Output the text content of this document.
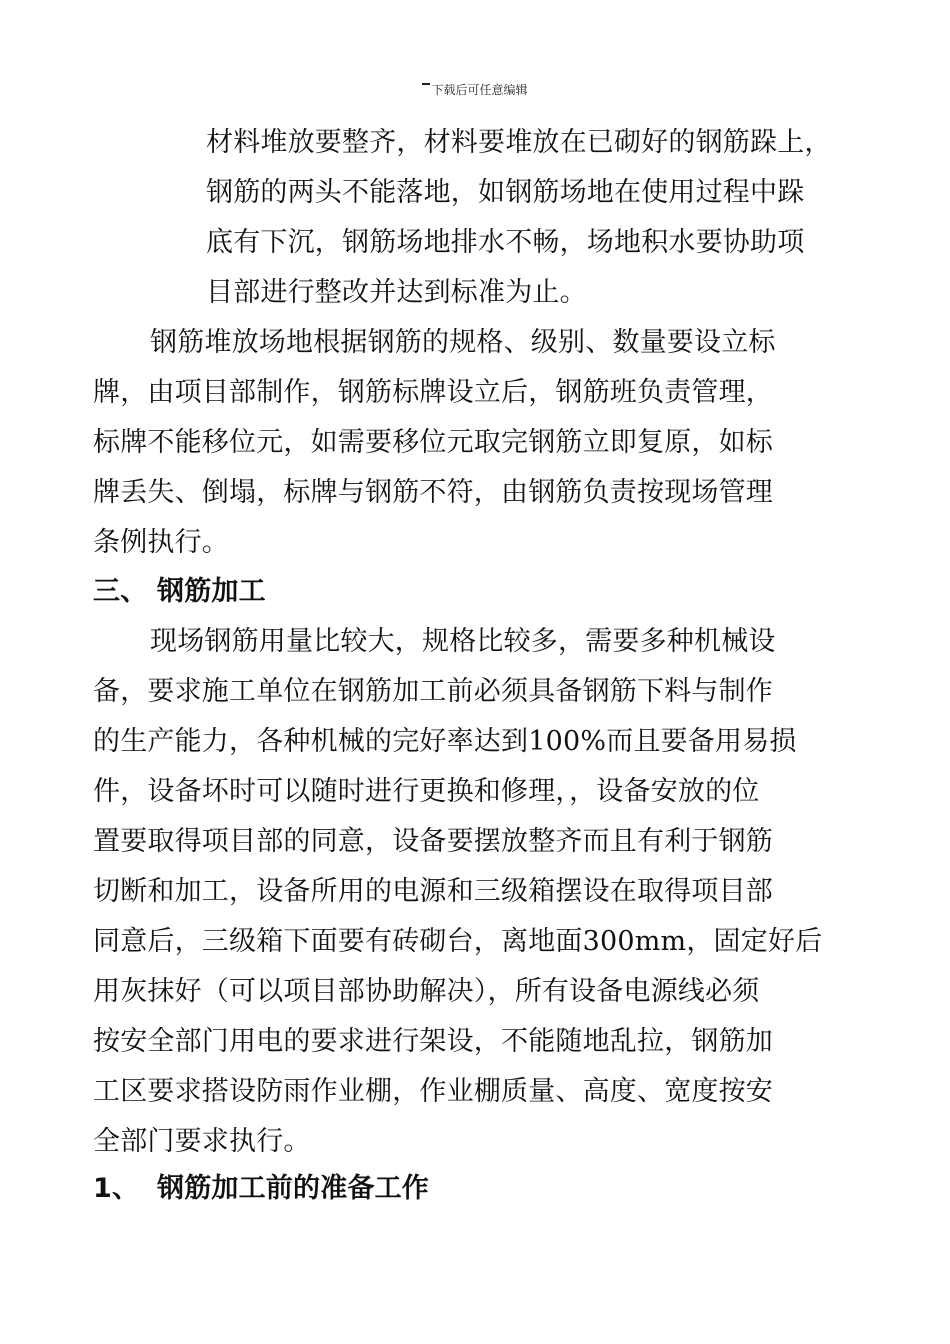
下载后可任意编辑
材料堆放要整齐，材料要堆放在已砌好的钢筋跺上，
钢筋的两头不能落地，如钢筋场地在使用过程中跺
底有下沉，钢筋场地排水不畅，场地积水要协助项
目部进行整改并达到标准为止。
钢筋堆放场地根据钢筋的规格、级别、数量要设立标
牌，由项目部制作，钢筋标牌设立后，钢筋班负责管理，
标牌不能移位元，如需要移位元取完钢筋立即复原，如标
牌丢失、倒塌，标牌与钢筋不符，由钢筋负责按现场管理
条例执行。
三、 钢筋加工
现场钢筋用量比较大，规格比较多，需要多种机械设
备，要求施工单位在钢筋加工前必须具备钢筋下料与制作
的生产能力，各种机械的完好率达到100%而且要备用易损
件，设备坏时可以随时进行更换和修理，，设备安放的位
置要取得项目部的同意，设备要摆放整齐而且有利于钢筋
切断和加工，设备所用的电源和三级箱摆设在取得项目部
同意后，三级箱下面要有砖砌台，离地面300mm，固定好后
用灰抹好（可以项目部协助解决），所有设备电源线必须
按安全部门用电的要求进行架设，不能随地乱拉，钢筋加
工区要求搭设防雨作业棚，作业棚质量、高度、宽度按安
全部门要求执行。
1、 钢筋加工前的准备工作
